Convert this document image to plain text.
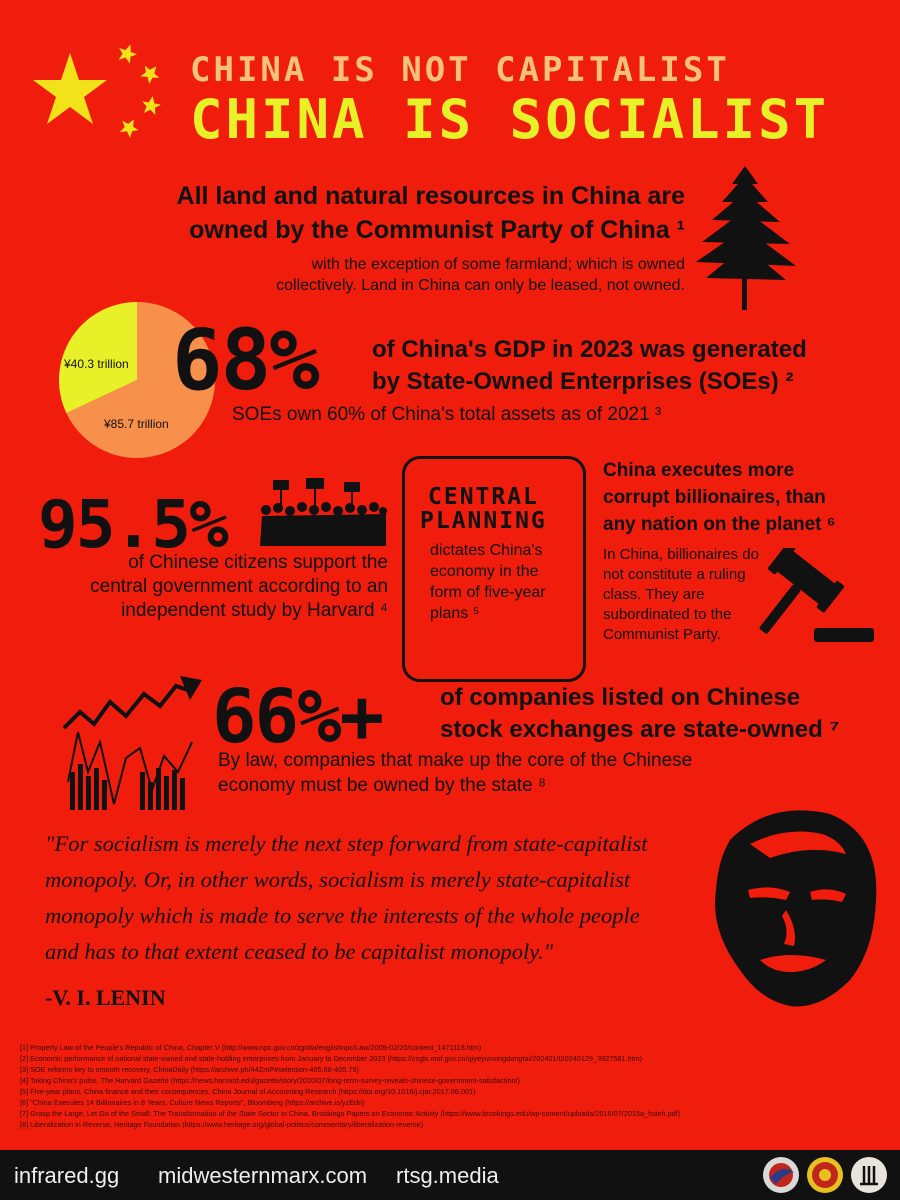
CHINA IS NOT CAPITALIST
CHINA IS SOCIALIST
All land and natural resources in China are
owned by the Communist Party of China ¹
with the exception of some farmland; which is owned
collectively. Land in China can only be leased, not owned.
¥40.3 trillion
¥85.7 trillion
68% of China's GDP in 2023 was generated
by State-Owned Enterprises (SOEs) ²
SOEs own 60% of China's total assets as of 2021 ³
95.5%
of Chinese citizens support the
central government according to an
independent study by Harvard ⁴
CENTRAL
PLANNING
dictates China's
economy in the
form of five-year
plans ⁵
China executes more
corrupt billionaires, than
any nation on the planet ⁶
In China, billionaires do
not constitute a ruling
class. They are
subordinated to the
Communist Party.
66%+ of companies listed on Chinese
stock exchanges are state-owned ⁷
By law, companies that make up the core of the Chinese
economy must be owned by the state ⁸
"For socialism is merely the next step forward from state-capitalist monopoly. Or, in other words, socialism is merely state-capitalist monopoly which is made to serve the interests of the whole people and has to that extent ceased to be capitalist monopoly."
-V. I. LENIN
[1] Property Law of the People's Republic of China, Chapter V (http://www.npc.gov.cn/zgrdw/englishnpc/Law/2009-02/20/content_1471118.htm)
[2] Economic performance of national state-owned and state-holding enterprises from January to December 2023 (https://zcgls.mof.gov.cn/qiyeyunxingdongtai/202401/t20240129_3927581.htm)
[3] SOE reforms key to smooth recovery, ChinaDaily (https://archive.ph/44ZmP#selection-405.68-405.79)
[4] Taking China's pulse, The Harvard Gazette (https://news.harvard.edu/gazette/story/2020/07/long-term-survey-reveals-chinese-government-satisfaction/)
[5] Five-year plans, China finance and their consequences, China Journal of Accounting Research (https://doi.org/10.1016/j.cjar.2017.06.001)
[6] "China Executes 14 Billionaires in 8 Years, Culture News Reports", Bloomberg (https://archive.is/yzEdn)
[7] Grasp the Large, Let Go of the Small: The Transformation of the State Sector in China, Brookings Papers on Economic Activity (https://www.brookings.edu/wp-content/uploads/2016/07/2015a_hsieh.pdf)
[8] Liberalization in Reverse, Heritage Foundation (https://www.heritage.org/global-politics/commentary/liberalization-reverse)
infrared.gg midwesternmarx.com rtsg.media
